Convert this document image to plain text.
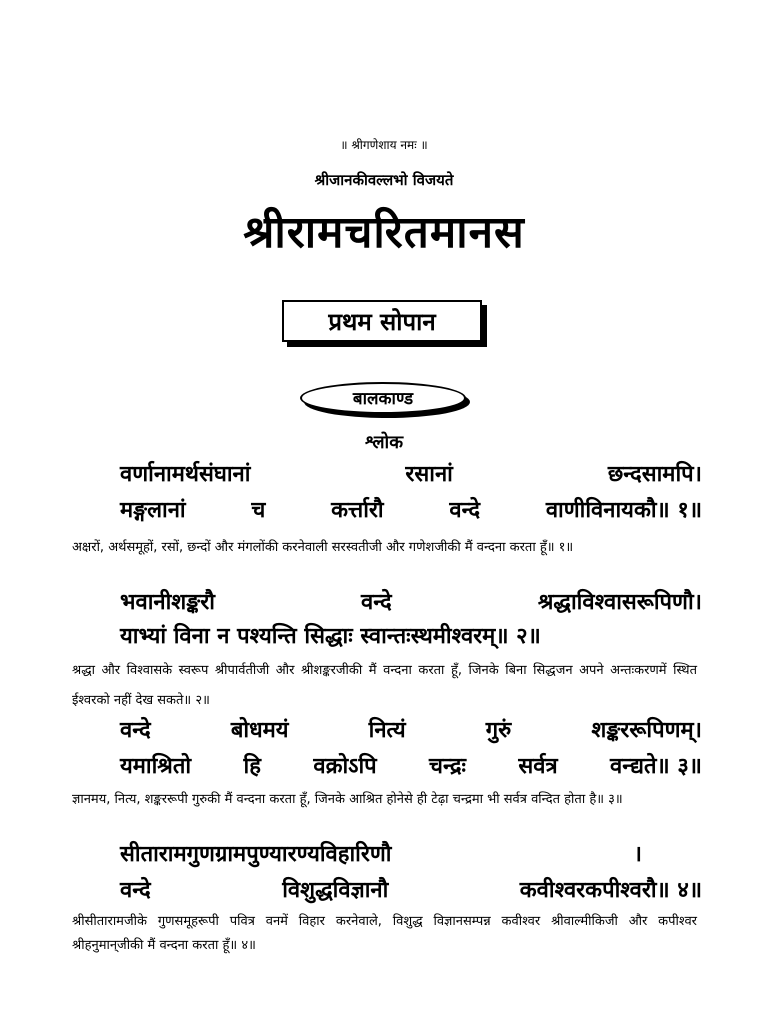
॥ श्रीगणेशाय नमः ॥
श्रीजानकीवल्लभो विजयते
श्रीरामचरितमानस
प्रथम सोपान
बालकाण्ड
श्लोक
वर्णानामर्थसंघानां	रसानां	छन्दसामपि।
मङ्गलानां	च	कर्त्तारौ	वन्दे	वाणीविनायकौ॥ १॥
अक्षरों, अर्थसमूहों, रसों, छन्दों और मंगलोंकी करनेवाली सरस्वतीजी और गणेशजीकी मैं वन्दना करता हूँ॥ १॥
भवानीशङ्करौ	वन्दे	श्रद्धाविश्वासरूपिणौ।
याभ्यां विना न पश्यन्ति सिद्धाः स्वान्तःस्थमीश्वरम्॥ २॥
श्रद्धा और विश्वासके स्वरूप श्रीपार्वतीजी और श्रीशङ्करजीकी मैं वन्दना करता हूँ, जिनके बिना सिद्धजन अपने अन्तःकरणमें स्थित ईश्वरको नहीं देख सकते॥ २॥
वन्दे	बोधमयं	नित्यं	गुरुं	शङ्कररूपिणम्।
यमाश्रितो हि वक्रोऽपि चन्द्रः सर्वत्र वन्द्यते॥ ३॥
ज्ञानमय, नित्य, शङ्कररूपी गुरुकी मैं वन्दना करता हूँ, जिनके आश्रित होनेसे ही टेढ़ा चन्द्रमा भी सर्वत्र वन्दित होता है॥ ३॥
सीतारामगुणग्रामपुण्यारण्यविहारिणौ	।
वन्दे	विशुद्धविज्ञानौ	कवीश्वरकपीश्वरौ॥ ४॥
श्रीसीतारामजीके गुणसमूहरूपी पवित्र वनमें विहार करनेवाले, विशुद्ध विज्ञानसम्पन्न कवीश्वर श्रीवाल्मीकिजी और कपीश्वर श्रीहनुमान्‌जीकी मैं वन्दना करता हूँ॥ ४॥
